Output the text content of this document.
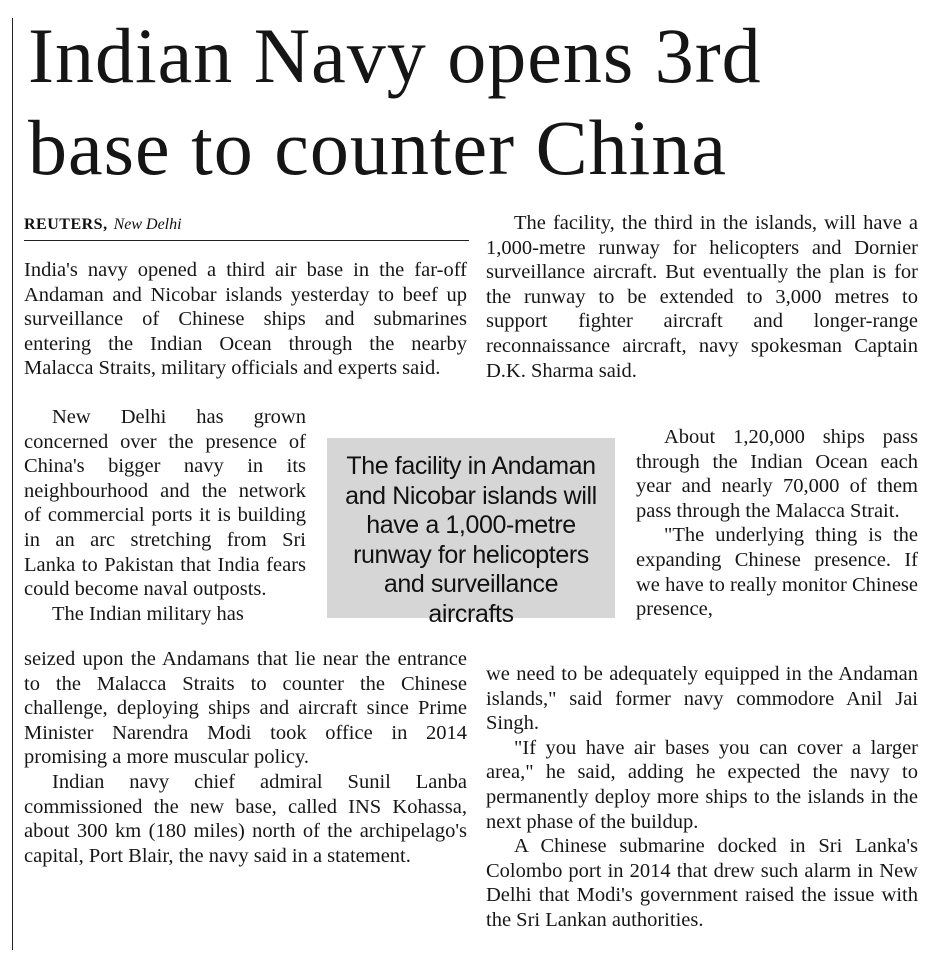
Indian Navy opens 3rd base to counter China
REUTERS, New Delhi

India's navy opened a third air base in the far-off Andaman and Nicobar islands yesterday to beef up surveillance of Chinese ships and submarines entering the Indian Ocean through the nearby Malacca Straits, military officials and experts said.

New Delhi has grown concerned over the presence of China's bigger navy in its neighbourhood and the network of commercial ports it is building in an arc stretching from Sri Lanka to Pakistan that India fears could become naval outposts.

The Indian military has

The facility in Andaman and Nicobar islands will have a 1,000-metre runway for helicopters and surveillance aircrafts

seized upon the Andamans that lie near the entrance to the Malacca Straits to counter the Chinese challenge, deploying ships and aircraft since Prime Minister Narendra Modi took office in 2014 promising a more muscular policy.

Indian navy chief admiral Sunil Lanba commissioned the new base, called INS Kohassa, about 300 km (180 miles) north of the archipelago's capital, Port Blair, the navy said in a statement.

The facility, the third in the islands, will have a 1,000-metre runway for helicopters and Dornier surveillance aircraft. But eventually the plan is for the runway to be extended to 3,000 metres to support fighter aircraft and longer-range reconnaissance aircraft, navy spokesman Captain D.K. Sharma said.

About 1,20,000 ships pass through the Indian Ocean each year and nearly 70,000 of them pass through the Malacca Strait.

"The underlying thing is the expanding Chinese presence. If we have to really monitor Chinese presence,

we need to be adequately equipped in the Andaman islands," said former navy commodore Anil Jai Singh.

"If you have air bases you can cover a larger area," he said, adding he expected the navy to permanently deploy more ships to the islands in the next phase of the buildup.

A Chinese submarine docked in Sri Lanka's Colombo port in 2014 that drew such alarm in New Delhi that Modi's government raised the issue with the Sri Lankan authorities.
